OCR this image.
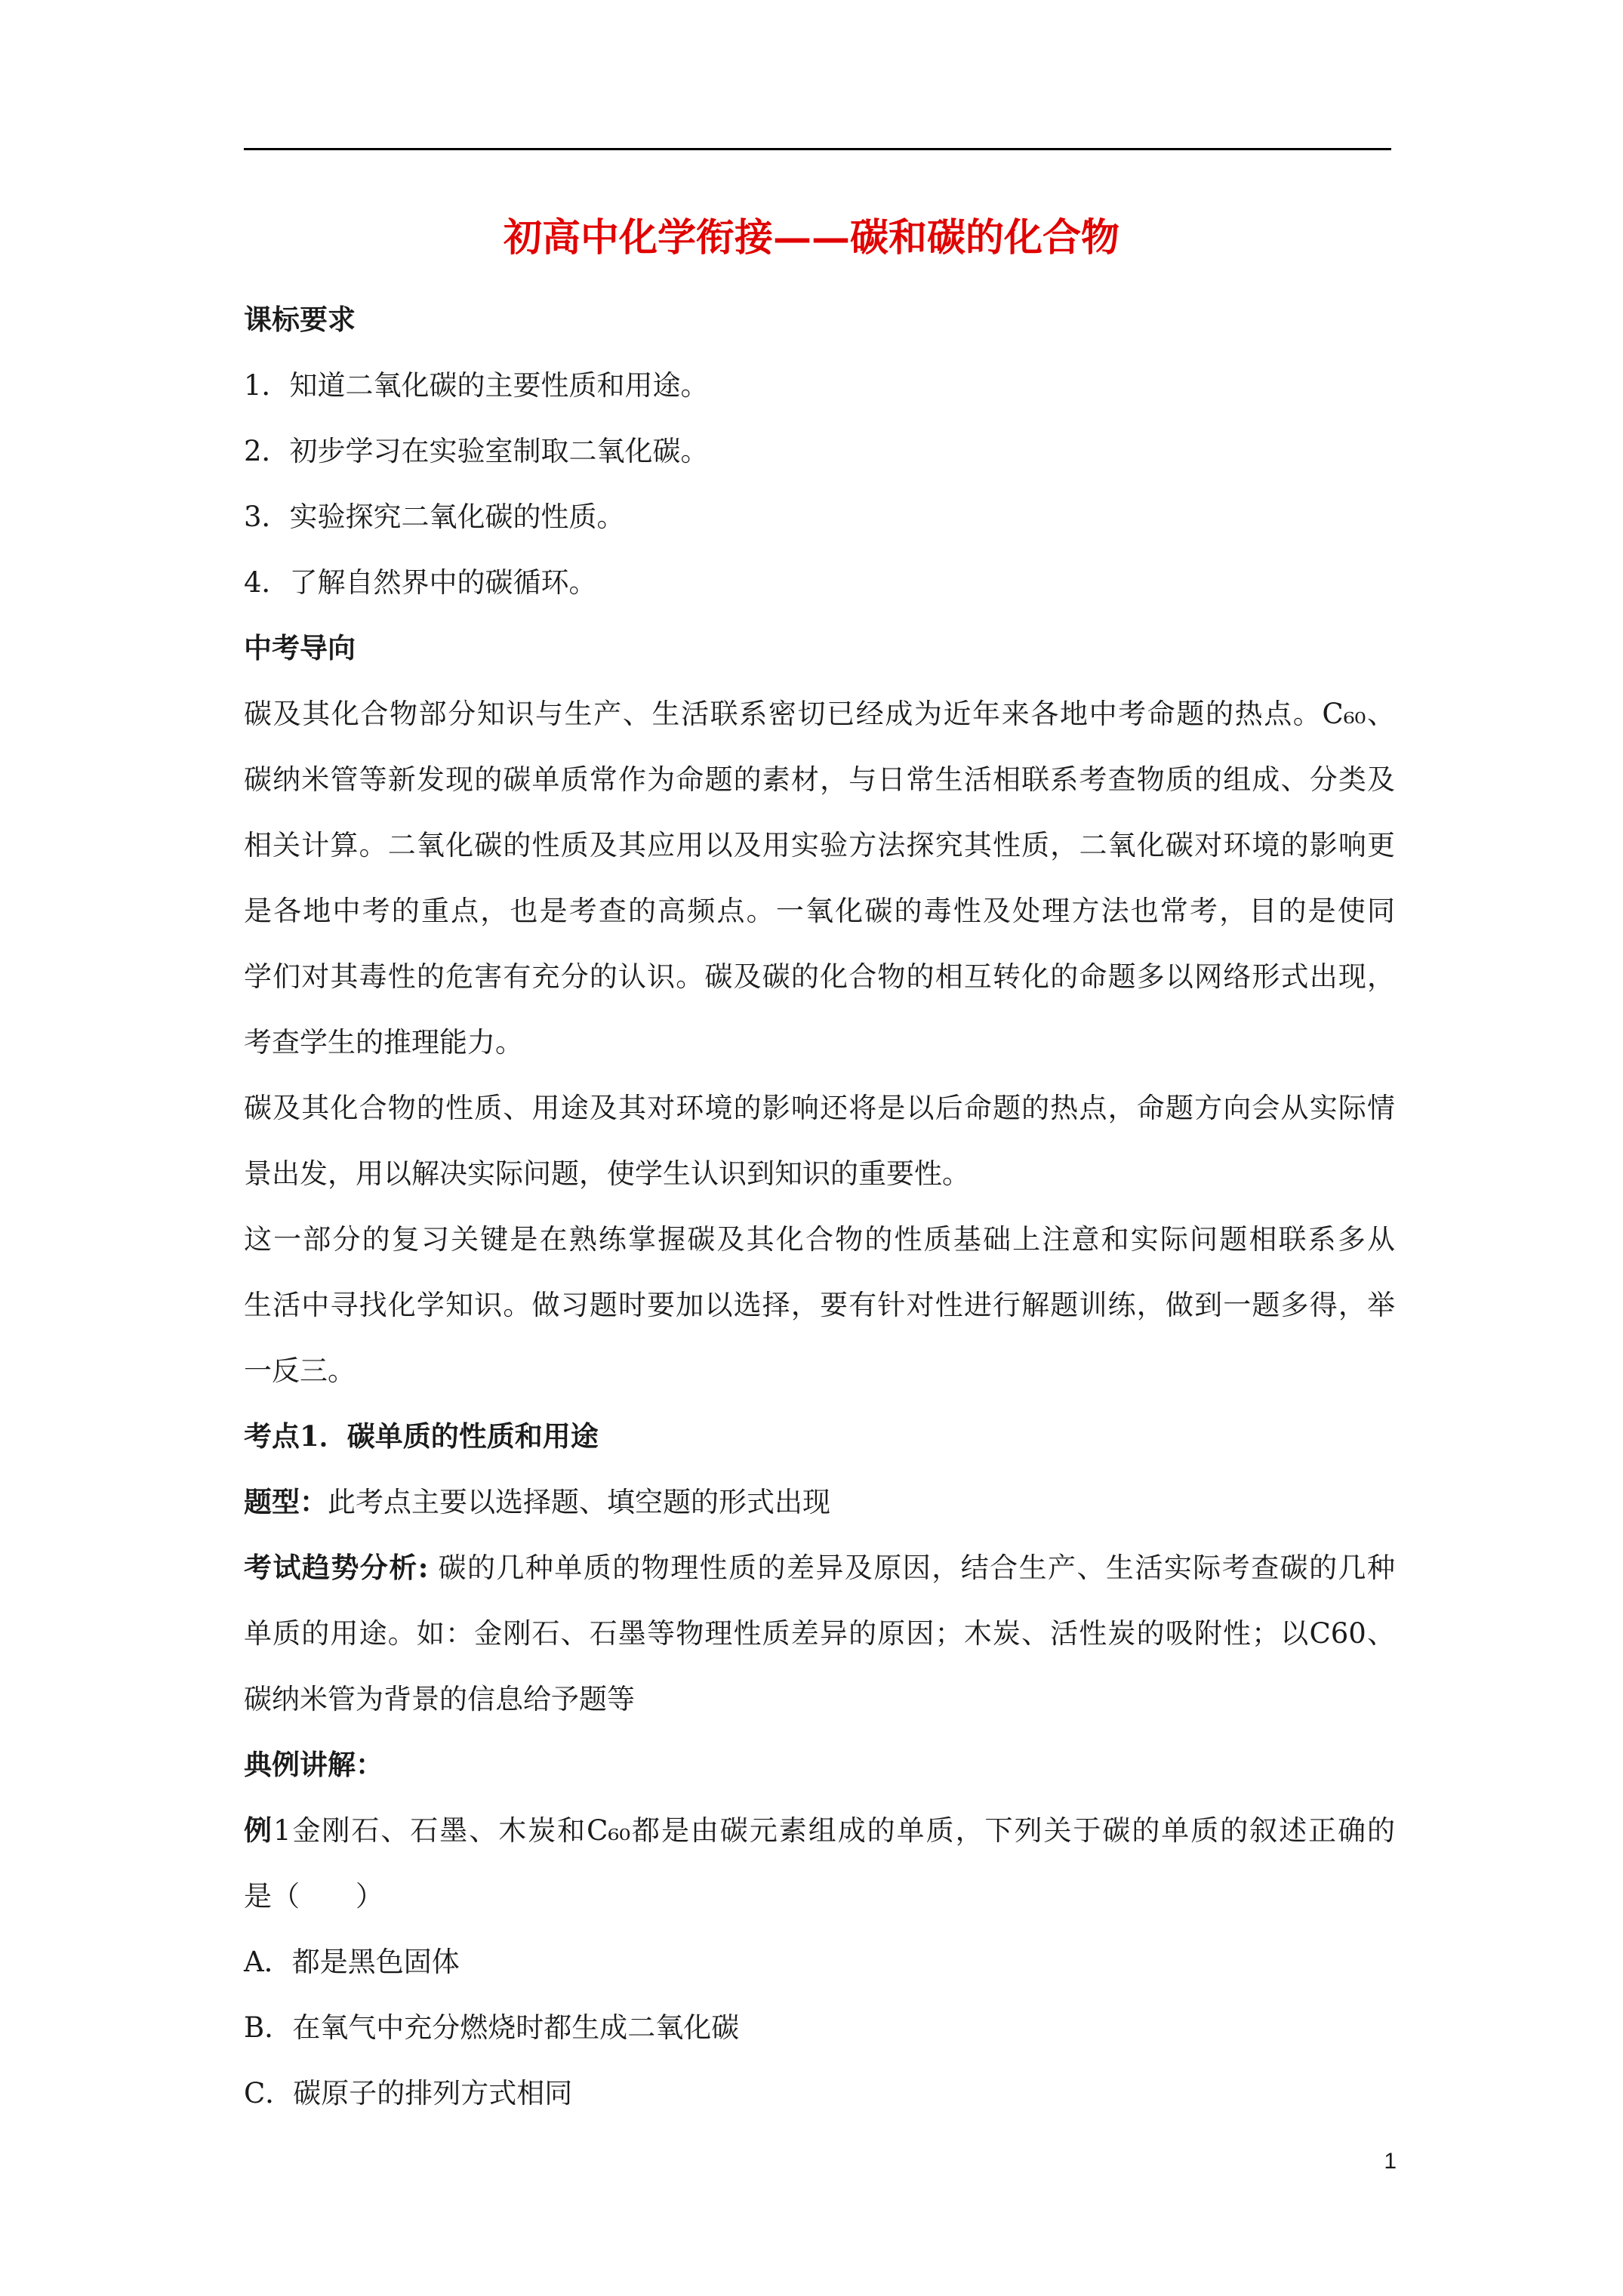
初高中化学衔接——碳和碳的化合物
课标要求
1．知道二氧化碳的主要性质和用途。
2．初步学习在实验室制取二氧化碳。
3．实验探究二氧化碳的性质。
4．了解自然界中的碳循环。
中考导向
碳及其化合物部分知识与生产、生活联系密切已经成为近年来各地中考命题的热点。C₆₀、
碳纳米管等新发现的碳单质常作为命题的素材，与日常生活相联系考查物质的组成、分类及
相关计算。二氧化碳的性质及其应用以及用实验方法探究其性质，二氧化碳对环境的影响更
是各地中考的重点，也是考查的高频点。一氧化碳的毒性及处理方法也常考，目的是使同
学们对其毒性的危害有充分的认识。碳及碳的化合物的相互转化的命题多以网络形式出现，
考查学生的推理能力。
碳及其化合物的性质、用途及其对环境的影响还将是以后命题的热点，命题方向会从实际情
景出发，用以解决实际问题，使学生认识到知识的重要性。
这一部分的复习关键是在熟练掌握碳及其化合物的性质基础上注意和实际问题相联系多从
生活中寻找化学知识。做习题时要加以选择，要有针对性进行解题训练，做到一题多得，举
一反三。
考点1．碳单质的性质和用途
题型：此考点主要以选择题、填空题的形式出现
考试趋势分析: 碳的几种单质的物理性质的差异及原因，结合生产、生活实际考查碳的几种
单质的用途。如：金刚石、石墨等物理性质差异的原因；木炭、活性炭的吸附性；以C60、
碳纳米管为背景的信息给予题等
典例讲解：
例1金刚石、石墨、木炭和C₆₀都是由碳元素组成的单质，下列关于碳的单质的叙述正确的
是（　　）
A．都是黑色固体
B．在氧气中充分燃烧时都生成二氧化碳
C．碳原子的排列方式相同
1
